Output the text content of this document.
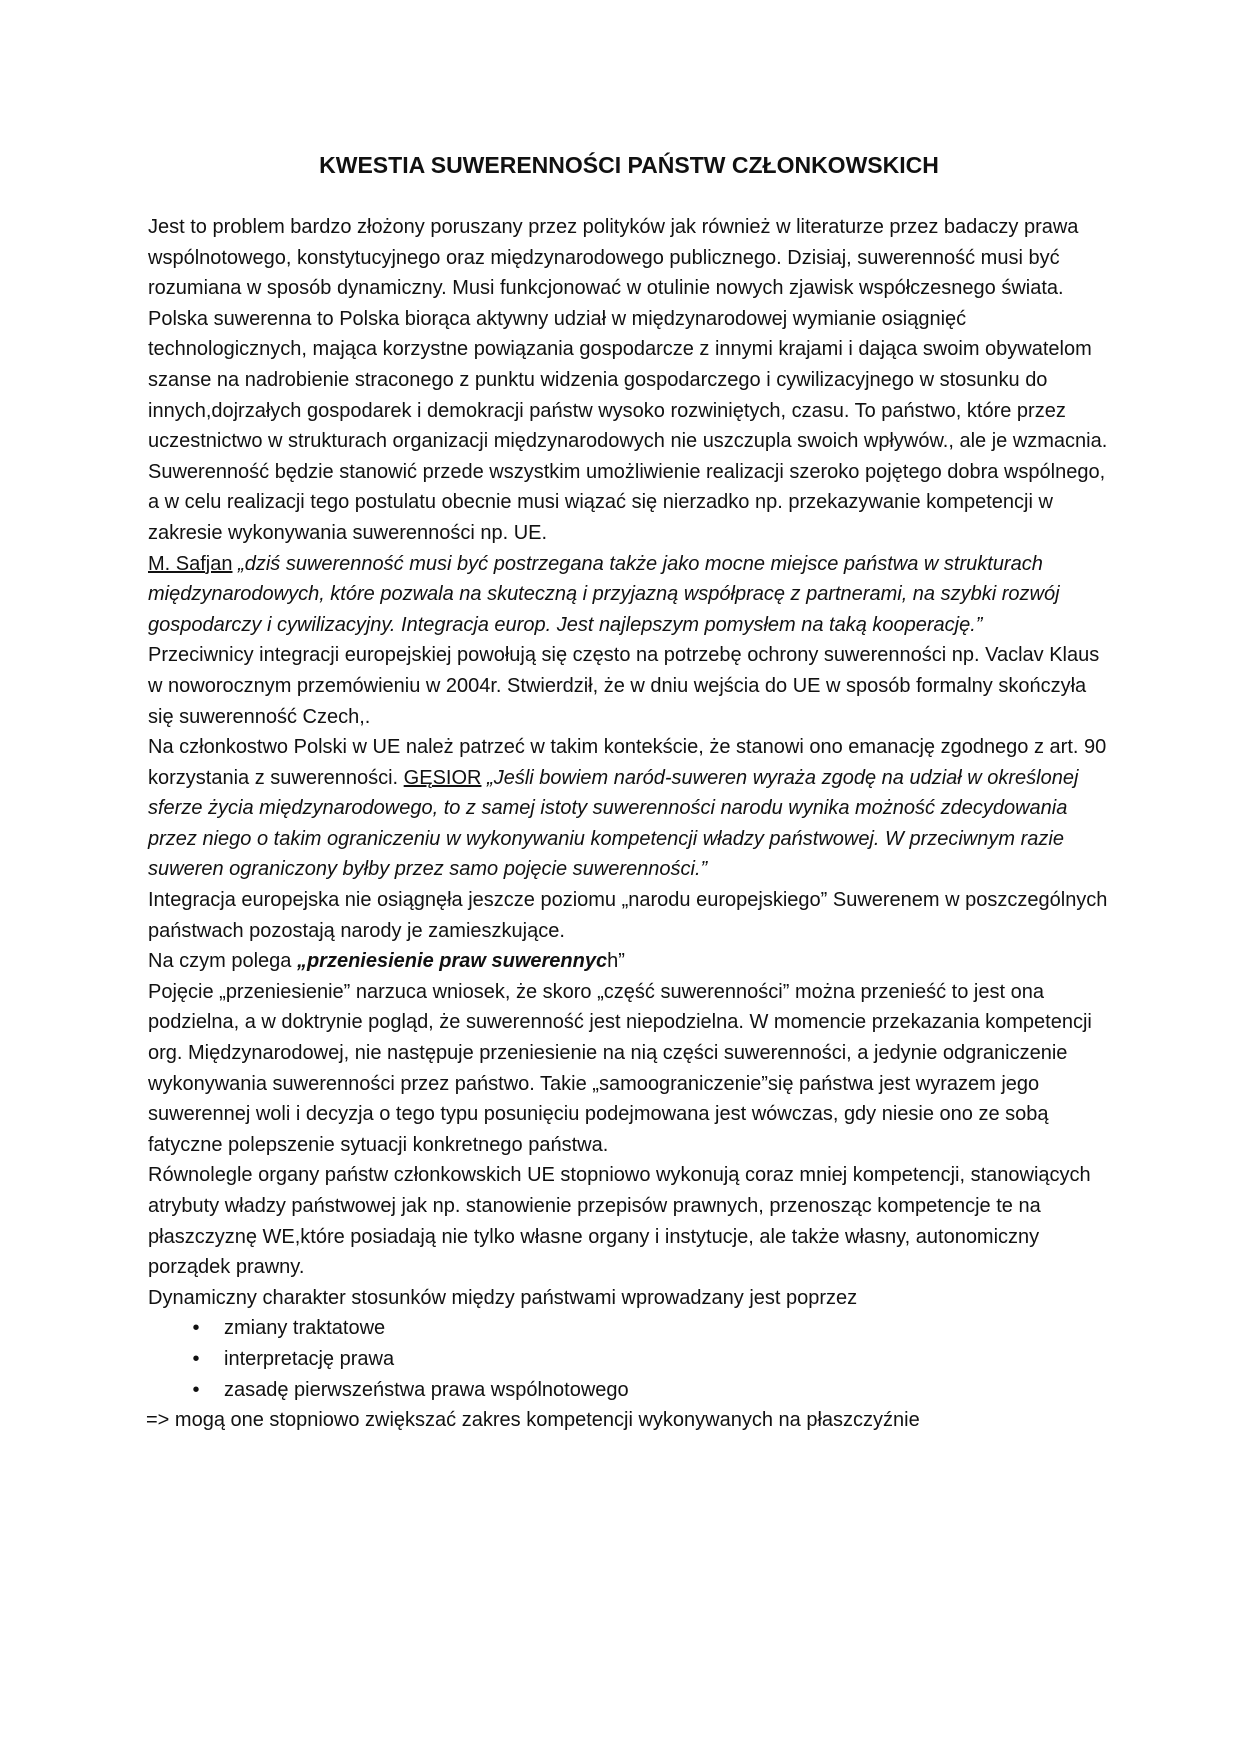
KWESTIA SUWERENNOŚCI PAŃSTW CZŁONKOWSKICH

Jest to problem bardzo złożony poruszany przez polityków jak również w literaturze przez badaczy prawa wspólnotowego, konstytucyjnego oraz międzynarodowego publicznego. Dzisiaj, suwerenność musi być rozumiana w sposób dynamiczny. Musi funkcjonować w otulinie nowych zjawisk współczesnego świata. Polska suwerenna to Polska biorąca aktywny udział w międzynarodowej wymianie osiągnięć technologicznych, mająca korzystne powiązania gospodarcze z innymi krajami i dająca swoim obywatelom szanse na nadrobienie straconego z punktu widzenia gospodarczego i cywilizacyjnego w stosunku do innych,dojrzałych gospodarek i demokracji państw wysoko rozwiniętych, czasu. To państwo, które przez uczestnictwo w strukturach organizacji międzynarodowych nie uszczupla swoich wpływów., ale je wzmacnia. Suwerenność będzie stanowić przede wszystkim umożliwienie realizacji szeroko pojętego dobra wspólnego, a w celu realizacji tego postulatu obecnie musi wiązać się nierzadko np. przekazywanie kompetencji w zakresie wykonywania suwerenności np. UE.

M. Safjan „dziś suwerenność musi być postrzegana także jako mocne miejsce państwa w strukturach międzynarodowych, które pozwala na skuteczną i przyjazną współpracę z partnerami, na szybki rozwój gospodarczy i cywilizacyjny. Integracja europ. Jest najlepszym pomysłem na taką kooperację.”

Przeciwnicy integracji europejskiej powołują się często na potrzebę ochrony suwerenności np. Vaclav Klaus w noworocznym przemówieniu w 2004r. Stwierdził, że w dniu wejścia do UE w sposób formalny skończyła się suwerenność Czech,.

Na członkostwo Polski w UE należ patrzeć w takim kontekście, że stanowi ono emanację zgodnego z art. 90 korzystania z suwerenności. GĘSIOR „Jeśli bowiem naród-suweren wyraża zgodę na udział w określonej sferze życia międzynarodowego, to z samej istoty suwerenności narodu wynika możność zdecydowania przez niego o takim ograniczeniu w wykonywaniu kompetencji władzy państwowej. W przeciwnym razie suweren ograniczony byłby przez samo pojęcie suwerenności.”

Integracja europejska nie osiągnęła jeszcze poziomu „narodu europejskiego” Suwerenem w poszczególnych państwach pozostają narody je zamieszkujące.

Na czym polega „przeniesienie praw suwerennych”

Pojęcie „przeniesienie” narzuca wniosek, że skoro „część suwerenności” można przenieść to jest ona podzielna, a w doktrynie pogląd, że suwerenność jest niepodzielna. W momencie przekazania kompetencji org. Międzynarodowej, nie następuje przeniesienie na nią części suwerenności, a jedynie odgraniczenie wykonywania suwerenności przez państwo. Takie „samoograniczenie”się państwa jest wyrazem jego suwerennej woli i decyzja o tego typu posunięciu podejmowana jest wówczas, gdy niesie ono ze sobą fatyczne polepszenie sytuacji konkretnego państwa.

Równolegle organy państw członkowskich UE stopniowo wykonują coraz mniej kompetencji, stanowiących atrybuty władzy państwowej jak np. stanowienie przepisów prawnych, przenosząc kompetencje te na płaszczyznę WE,które posiadają nie tylko własne organy i instytucje, ale także własny, autonomiczny porządek prawny.

Dynamiczny charakter stosunków między państwami wprowadzany jest poprzez

•	zmiany traktatowe
•	interpretację prawa
•	zasadę pierwszeństwa prawa wspólnotowego

=> mogą one stopniowo zwiększać zakres kompetencji wykonywanych na płaszczyźnie
